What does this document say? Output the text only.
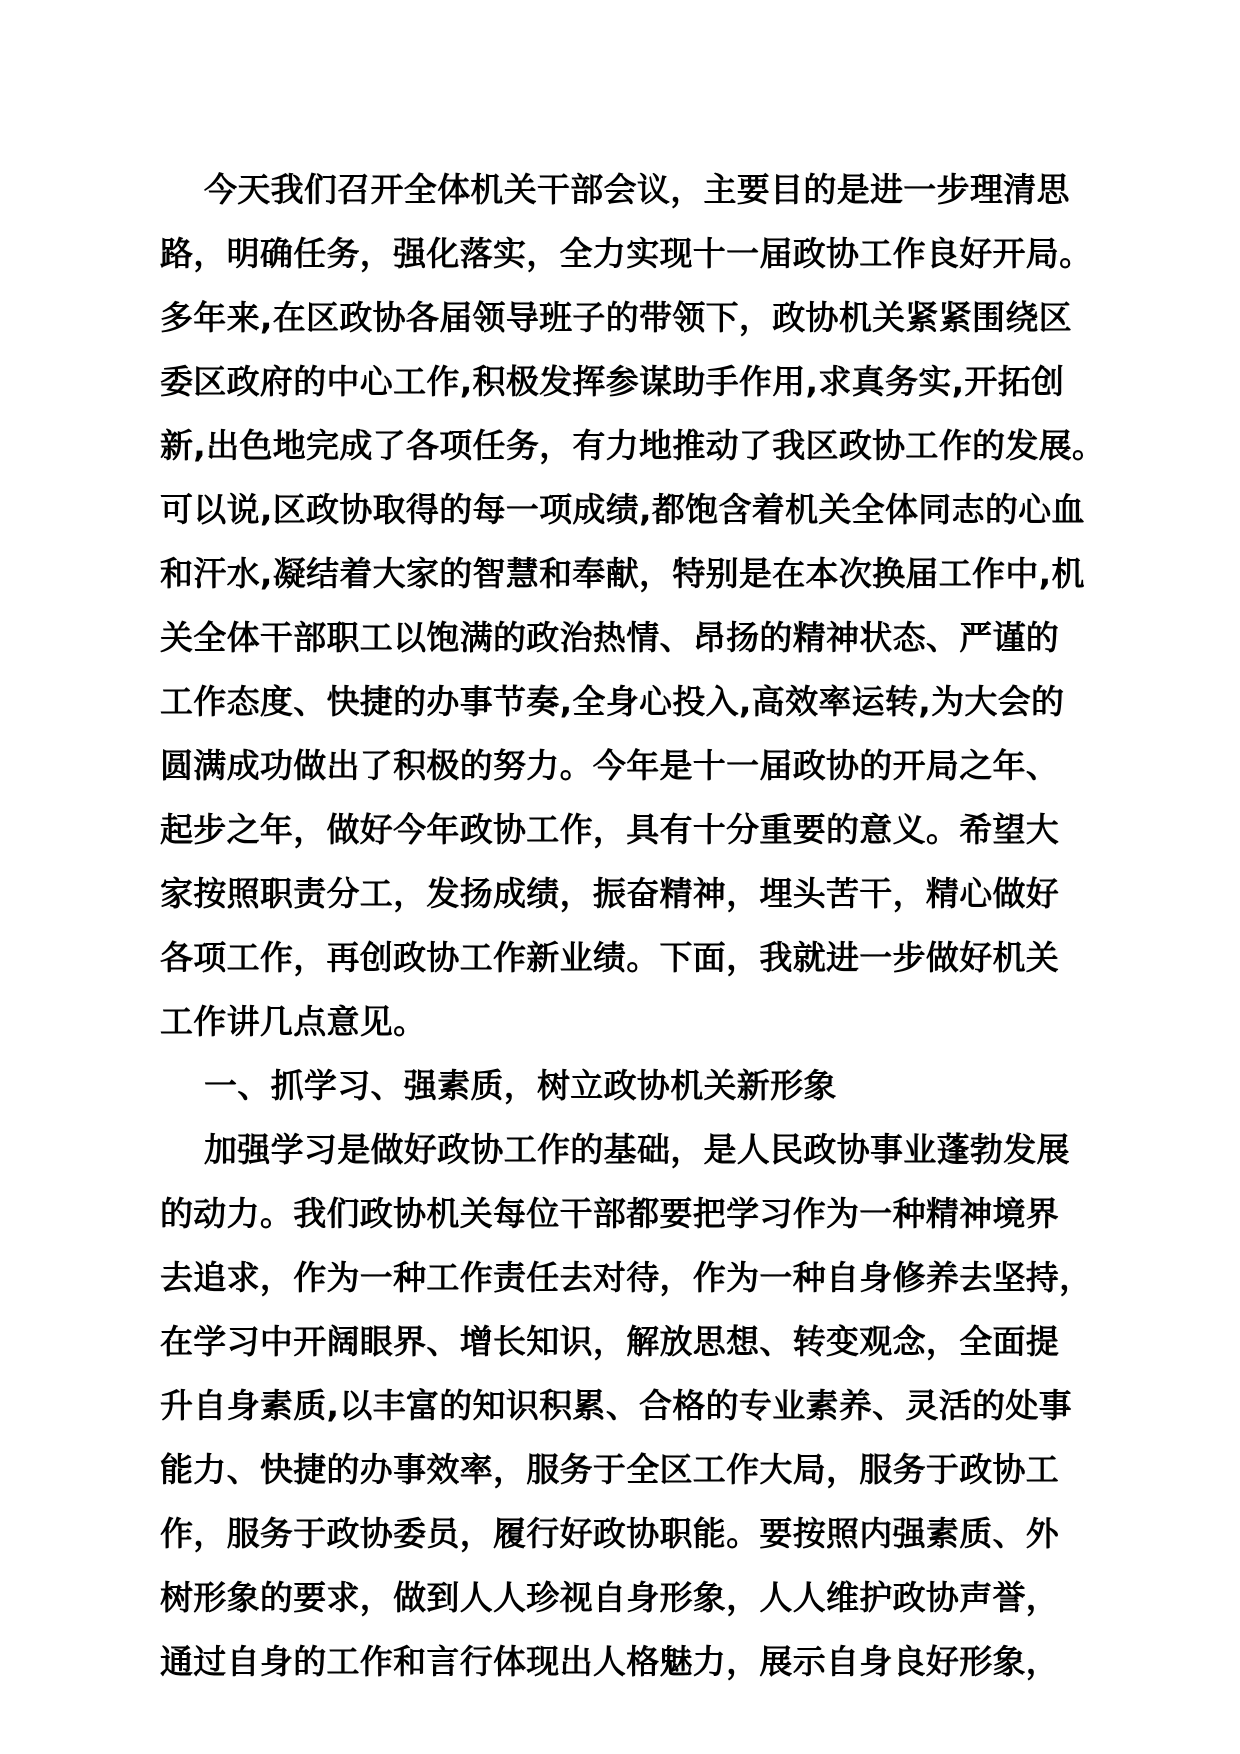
今天我们召开全体机关干部会议，主要目的是进一步理清思
路，明确任务，强化落实，全力实现十一届政协工作良好开局。
多年来,在区政协各届领导班子的带领下，政协机关紧紧围绕区
委区政府的中心工作,积极发挥参谋助手作用,求真务实,开拓创
新,出色地完成了各项任务，有力地推动了我区政协工作的发展。
可以说,区政协取得的每一项成绩,都饱含着机关全体同志的心血
和汗水,凝结着大家的智慧和奉献，特别是在本次换届工作中,机
关全体干部职工以饱满的政治热情、昂扬的精神状态、严谨的
工作态度、快捷的办事节奏,全身心投入,高效率运转,为大会的
圆满成功做出了积极的努力。今年是十一届政协的开局之年、
起步之年，做好今年政协工作，具有十分重要的意义。希望大
家按照职责分工，发扬成绩，振奋精神，埋头苦干，精心做好
各项工作，再创政协工作新业绩。下面，我就进一步做好机关
工作讲几点意见。
一、抓学习、强素质，树立政协机关新形象
加强学习是做好政协工作的基础，是人民政协事业蓬勃发展
的动力。我们政协机关每位干部都要把学习作为一种精神境界
去追求，作为一种工作责任去对待，作为一种自身修养去坚持，
在学习中开阔眼界、增长知识，解放思想、转变观念，全面提
升自身素质,以丰富的知识积累、合格的专业素养、灵活的处事
能力、快捷的办事效率，服务于全区工作大局，服务于政协工
作，服务于政协委员，履行好政协职能。要按照内强素质、外
树形象的要求，做到人人珍视自身形象，人人维护政协声誉，
通过自身的工作和言行体现出人格魅力，展示自身良好形象，
